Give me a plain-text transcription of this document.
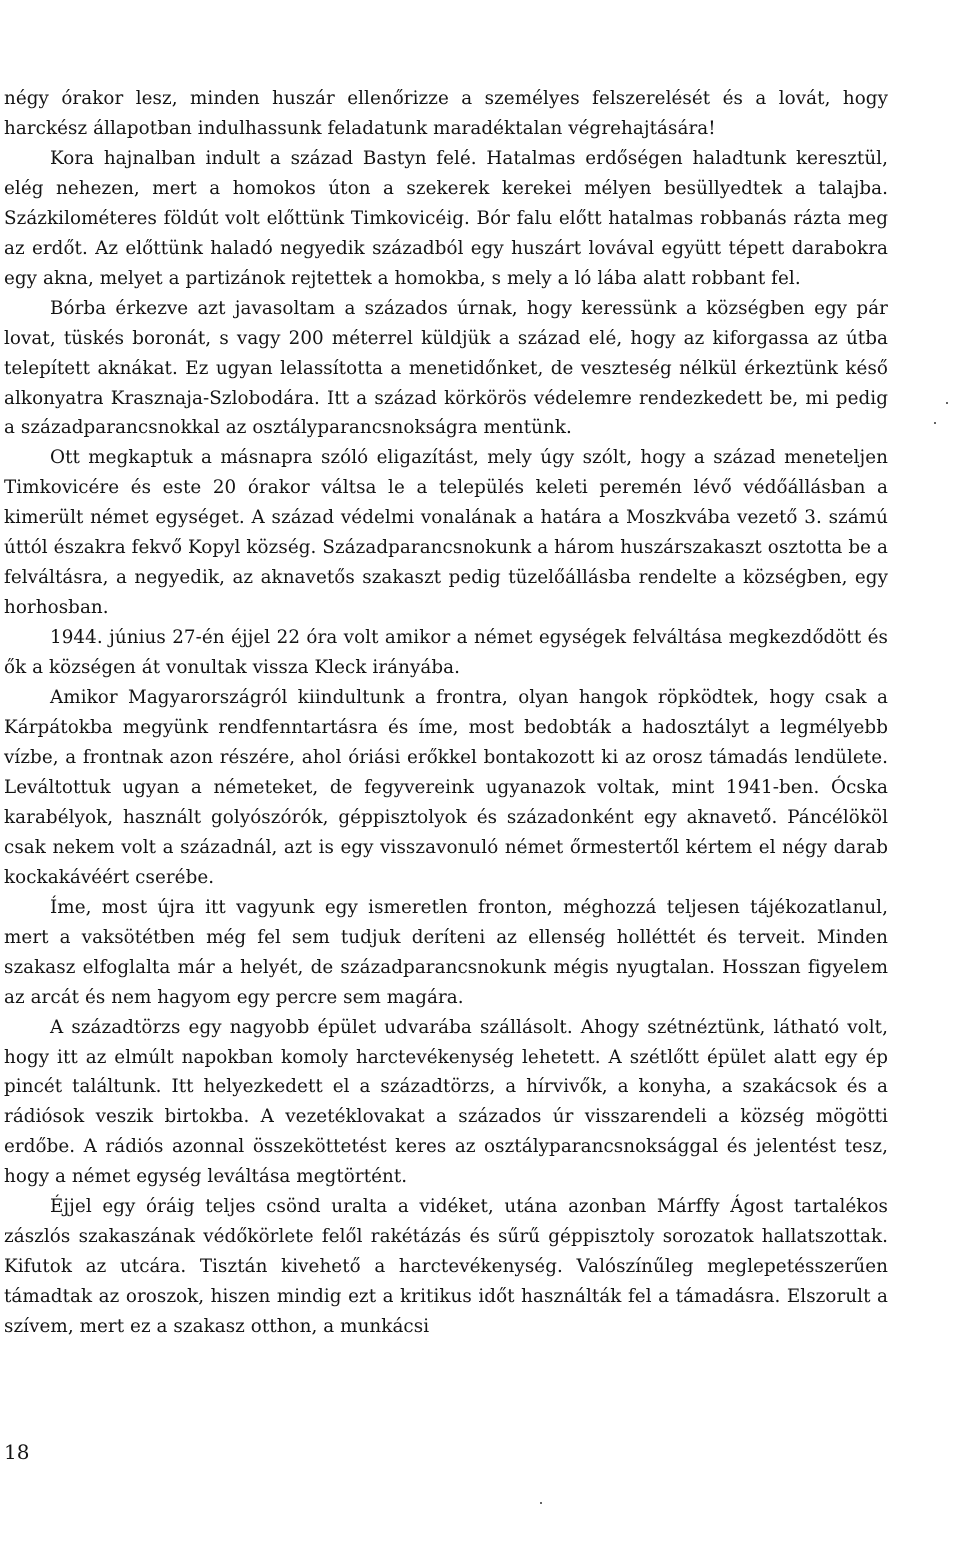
négy órakor lesz, minden huszár ellenőrizze a személyes felszerelését és a lovát, hogy harckész állapotban indulhassunk feladatunk maradéktalan végrehajtására!

Kora hajnalban indult a század Bastyn felé. Hatalmas erdőségen haladtunk keresztül, elég nehezen, mert a homokos úton a szekerek kerekei mélyen besüllyedtek a talajba. Százkilométeres földút volt előttünk Timkovicéig. Bór falu előtt hatalmas robbanás rázta meg az erdőt. Az előttünk haladó negyedik századból egy huszárt lovával együtt tépett darabokra egy akna, melyet a partizánok rejtettek a homokba, s mely a ló lába alatt robbant fel.

Bórba érkezve azt javasoltam a százados úrnak, hogy keressünk a községben egy pár lovat, tüskés boronát, s vagy 200 méterrel küldjük a század elé, hogy az kiforgassa az útba telepített aknákat. Ez ugyan lelassította a menetidőnket, de veszteség nélkül érkeztünk késő alkonyatra Krasznaja-Szlobodára. Itt a század körkörös védelemre rendezkedett be, mi pedig a századparancsnokkal az osztályparancsnokságra mentünk.

Ott megkaptuk a másnapra szóló eligazítást, mely úgy szólt, hogy a század meneteljen Timkovicére és este 20 órakor váltsa le a település keleti peremén lévő védőállásban a kimerült német egységet. A század védelmi vonalának a határa a Moszkvába vezető 3. számú úttól északra fekvő Kopyl község. Századparancsnokunk a három huszárszakaszt osztotta be a felváltásra, a negyedik, az aknavetős szakaszt pedig tüzelőállásba rendelte a községben, egy horhosban.

1944. június 27-én éjjel 22 óra volt amikor a német egységek felváltása megkezdődött és ők a községen át vonultak vissza Kleck irányába.

Amikor Magyarországról kiindultunk a frontra, olyan hangok röpködtek, hogy csak a Kárpátokba megyünk rendfenntartásra és íme, most bedobták a hadosztályt a legmélyebb vízbe, a frontnak azon részére, ahol óriási erőkkel bontakozott ki az orosz támadás lendülete. Leváltottuk ugyan a németeket, de fegyvereink ugyanazok voltak, mint 1941-ben. Ócska karabélyok, használt golyószórók, géppisztolyok és századonként egy aknavető. Páncélököl csak nekem volt a századnál, azt is egy visszavonuló német őrmestertől kértem el négy darab kockakávéért cserébe.

Íme, most újra itt vagyunk egy ismeretlen fronton, méghozzá teljesen tájékozatlanul, mert a vaksötétben még fel sem tudjuk deríteni az ellenség holléttét és terveit. Minden szakasz elfoglalta már a helyét, de századparancsnokunk mégis nyugtalan. Hosszan figyelem az arcát és nem hagyom egy percre sem magára.

A századtörzs egy nagyobb épület udvarába szállásolt. Ahogy szétnéztünk, látható volt, hogy itt az elmúlt napokban komoly harctevékenység lehetett. A szétlőtt épület alatt egy ép pincét találtunk. Itt helyezkedett el a századtörzs, a hírvivők, a konyha, a szakácsok és a rádiósok veszik birtokba. A vezetéklovakat a százados úr visszarendeli a község mögötti erdőbe. A rádiós azonnal összeköttetést keres az osztályparancsnoksággal és jelentést tesz, hogy a német egység leváltása megtörtént.

Éjjel egy óráig teljes csönd uralta a vidéket, utána azonban Márffy Ágost tartalékos zászlós szakaszának védőkörlete felől rakétázás és sűrű géppisztoly sorozatok hallatszottak. Kifutok az utcára. Tisztán kivehető a harctevékenység. Valószínűleg meglepetésszerűen támadtak az oroszok, hiszen mindig ezt a kritikus időt használták fel a támadásra. Elszorult a szívem, mert ez a szakasz otthon, a munkácsi

18
